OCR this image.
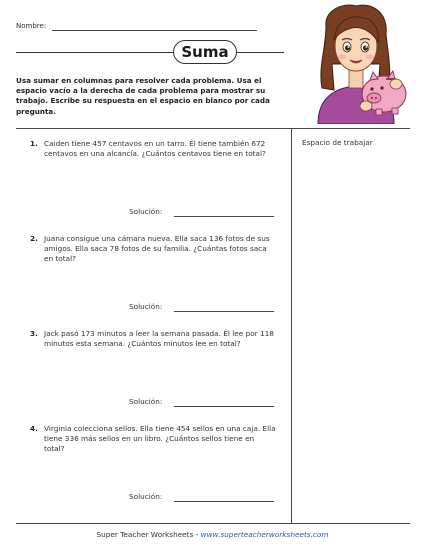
Nombre:
Suma
Usa sumar en columnas para resolver cada problema. Usa el espacio vacío a la derecha de cada problema para mostrar su trabajo. Escribe su respuesta en el espacio en blanco por cada pregunta.
Espacio de trabajar
1. Caiden tiene 457 centavos en un tarro. Él tiene también 672 centavos en una alcancía. ¿Cuántos centavos tiene en total?
Solución:
2. Juana consigue una cámara nueva. Ella saca 136 fotos de sus amigos. Ella saca 78 fotos de su familia. ¿Cuántas fotos saca en total?
Solución:
3. Jack pasó 173 minutos a leer la semana pasada. Él lee por 118 minutos esta semana. ¿Cuántos minutos lee en total?
Solución:
4. Virginia colecciona sellos. Ella tiene 454 sellos en una caja. Ella tiene 336 más sellos en un libro. ¿Cuántos sellos tiene en total?
Solución:
Super Teacher Worksheets - www.superteacherworksheets.com
